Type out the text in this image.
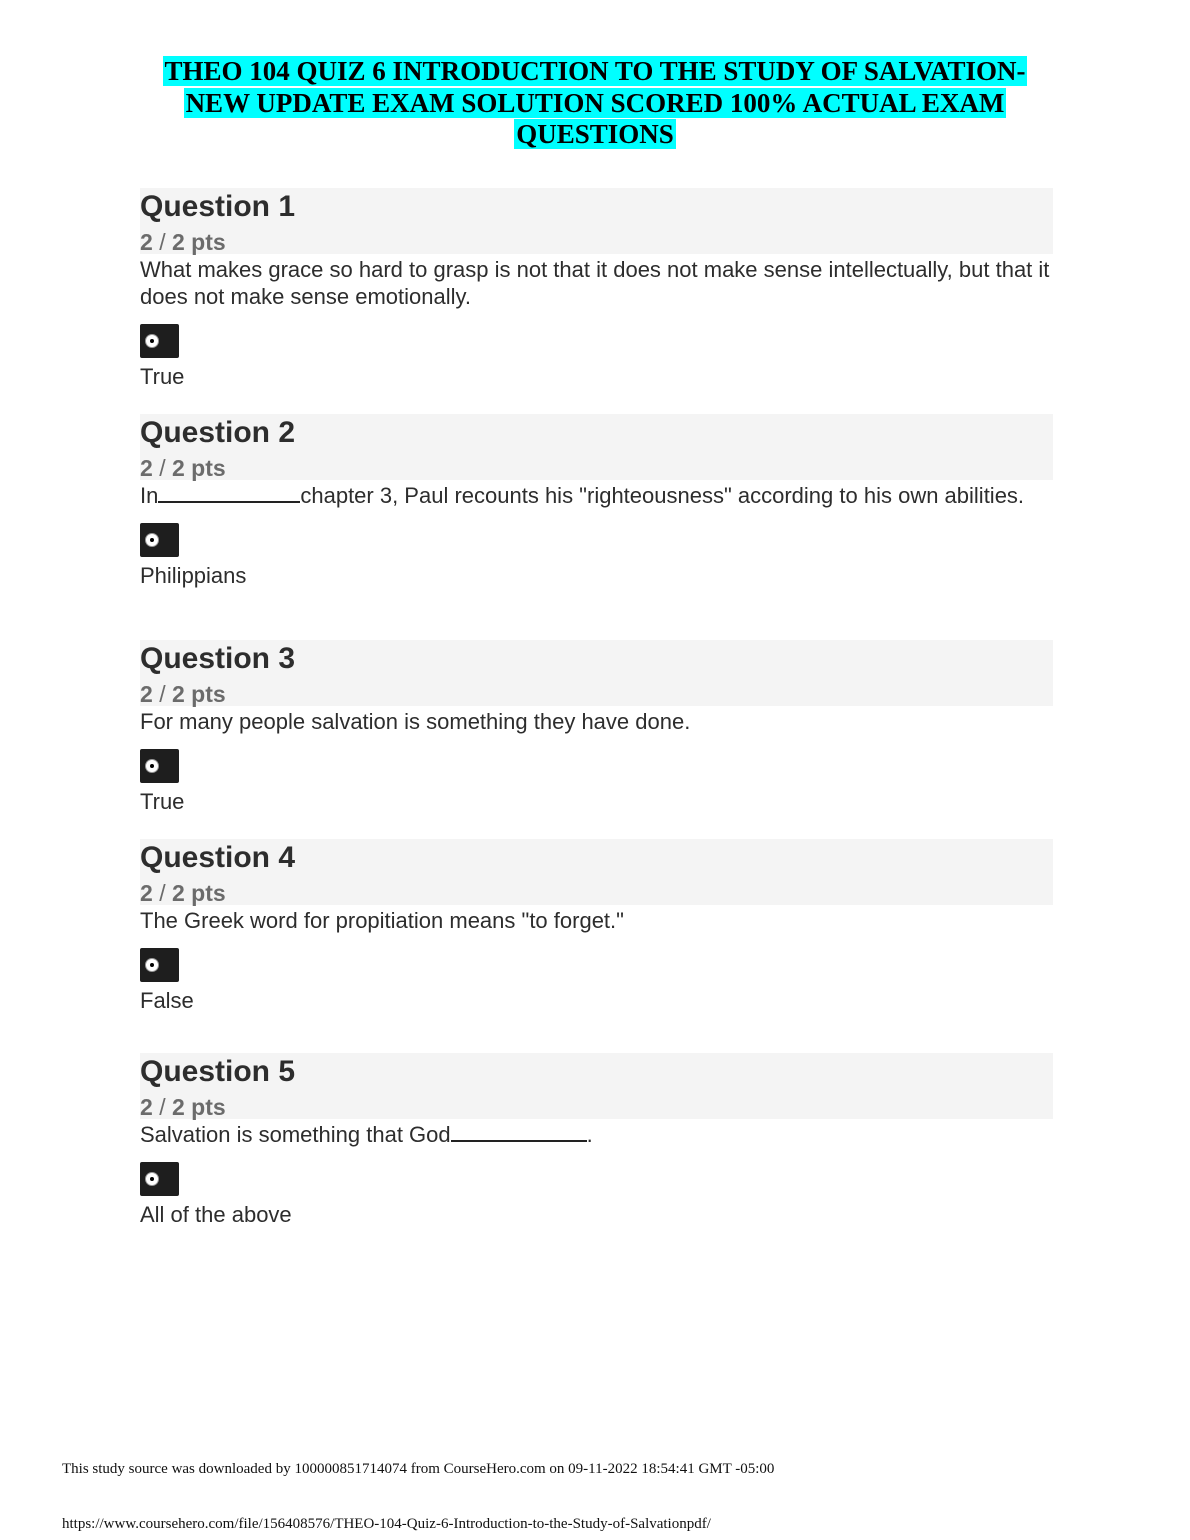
THEO 104 QUIZ 6 INTRODUCTION TO THE STUDY OF SALVATION-
NEW UPDATE EXAM SOLUTION SCORED 100% ACTUAL EXAM
QUESTIONS
Question 1
2 / 2 pts
What makes grace so hard to grasp is not that it does not make sense intellectually, but that it does not make sense emotionally.
True
Question 2
2 / 2 pts
In	chapter 3, Paul recounts his "righteousness" according to his own abilities.
Philippians
Question 3
2 / 2 pts
For many people salvation is something they have done.
True
Question 4
2 / 2 pts
The Greek word for propitiation means "to forget."
False
Question 5
2 / 2 pts
Salvation is something that God	.
All of the above
This study source was downloaded by 100000851714074 from CourseHero.com on 09-11-2022 18:54:41 GMT -05:00
https://www.coursehero.com/file/156408576/THEO-104-Quiz-6-Introduction-to-the-Study-of-Salvationpdf/
